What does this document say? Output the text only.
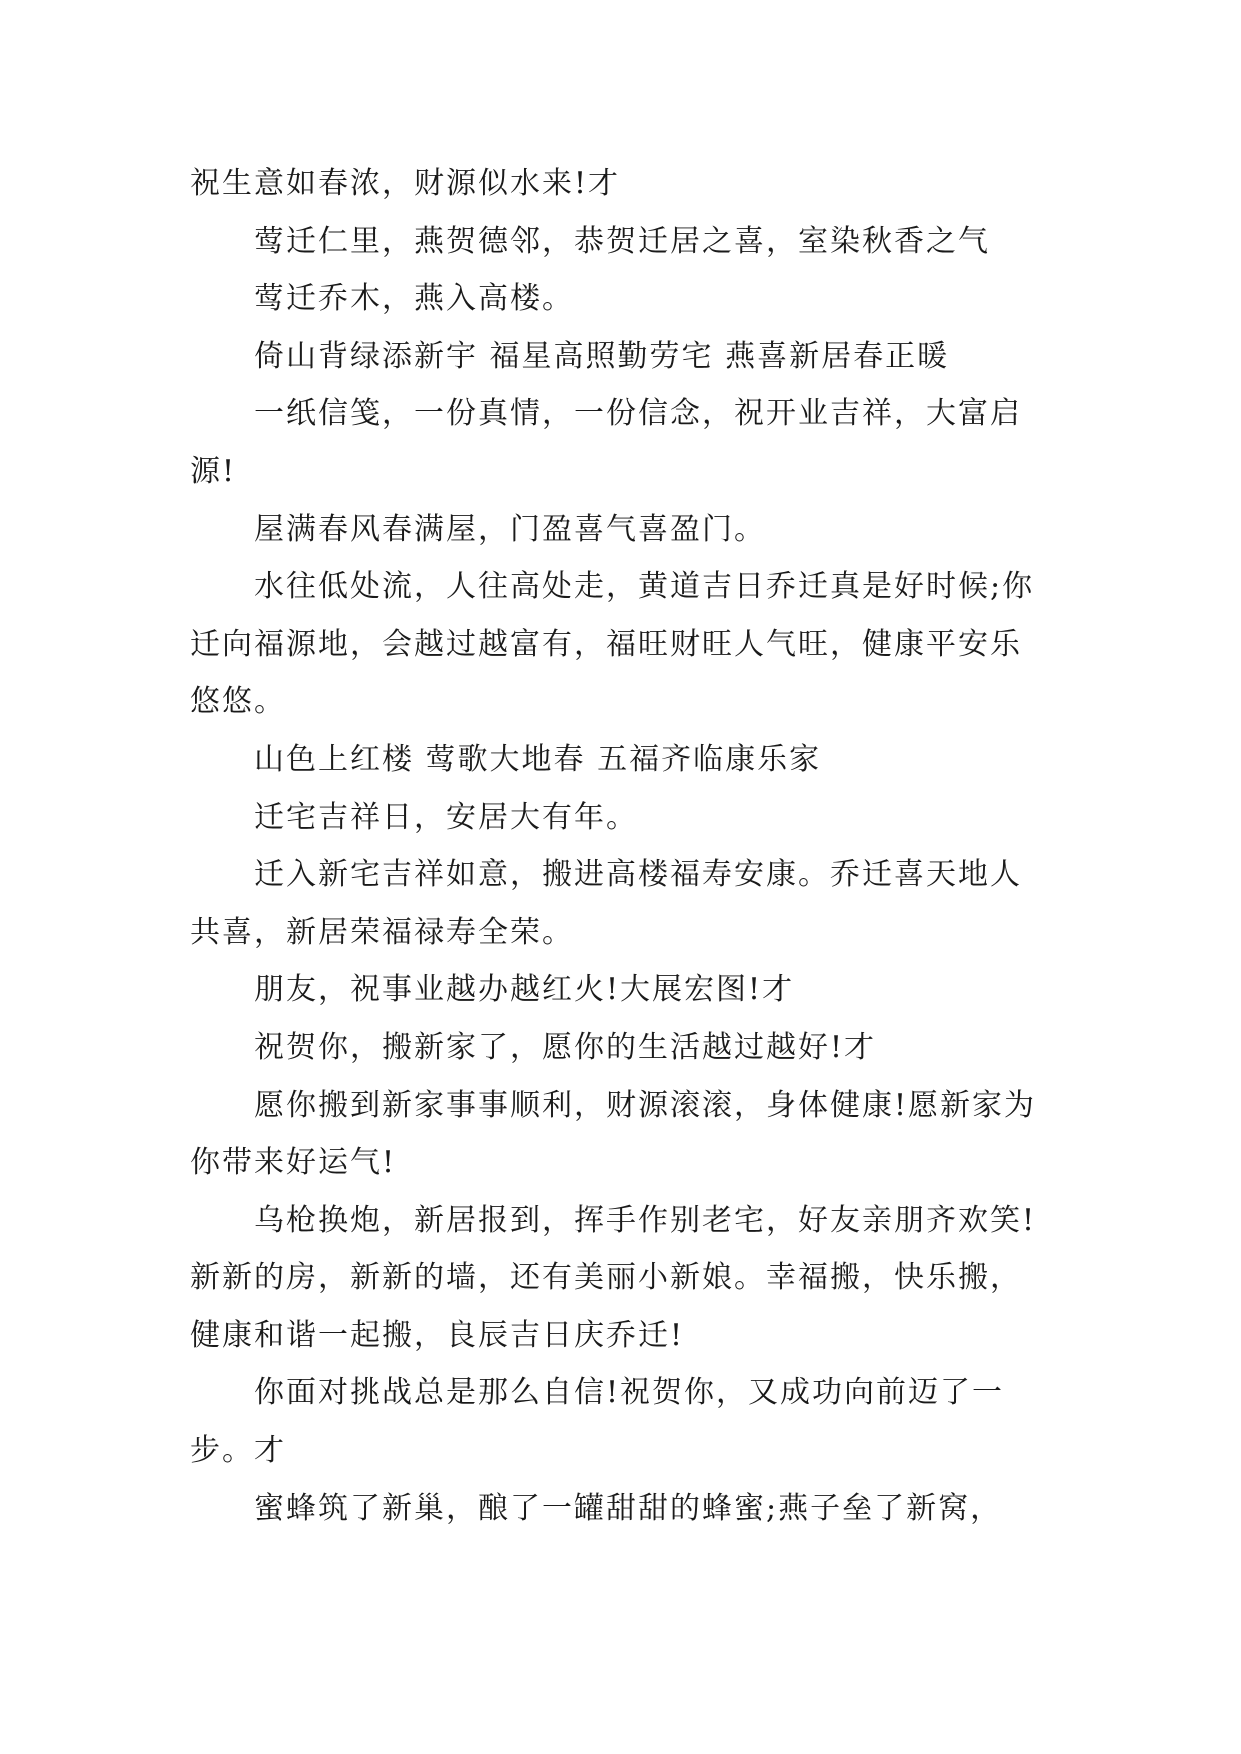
祝生意如春浓，财源似水来!才

莺迁仁里，燕贺德邻，恭贺迁居之喜，室染秋香之气

莺迁乔木，燕入高楼。

倚山背绿添新宇 福星高照勤劳宅 燕喜新居春正暖

一纸信笺，一份真情，一份信念，祝开业吉祥，大富启源!

屋满春风春满屋，门盈喜气喜盈门。

水往低处流，人往高处走，黄道吉日乔迁真是好时候;你迁向福源地，会越过越富有，福旺财旺人气旺，健康平安乐悠悠。

山色上红楼 莺歌大地春 五福齐临康乐家

迁宅吉祥日，安居大有年。

迁入新宅吉祥如意，搬进高楼福寿安康。乔迁喜天地人共喜，新居荣福禄寿全荣。

朋友，祝事业越办越红火!大展宏图!才

祝贺你，搬新家了，愿你的生活越过越好!才

愿你搬到新家事事顺利，财源滚滚，身体健康!愿新家为你带来好运气!

乌枪换炮，新居报到，挥手作别老宅，好友亲朋齐欢笑!新新的房，新新的墙，还有美丽小新娘。幸福搬，快乐搬，健康和谐一起搬，良辰吉日庆乔迁!

你面对挑战总是那么自信!祝贺你，又成功向前迈了一步。才

蜜蜂筑了新巢，酿了一罐甜甜的蜂蜜;燕子垒了新窝，
